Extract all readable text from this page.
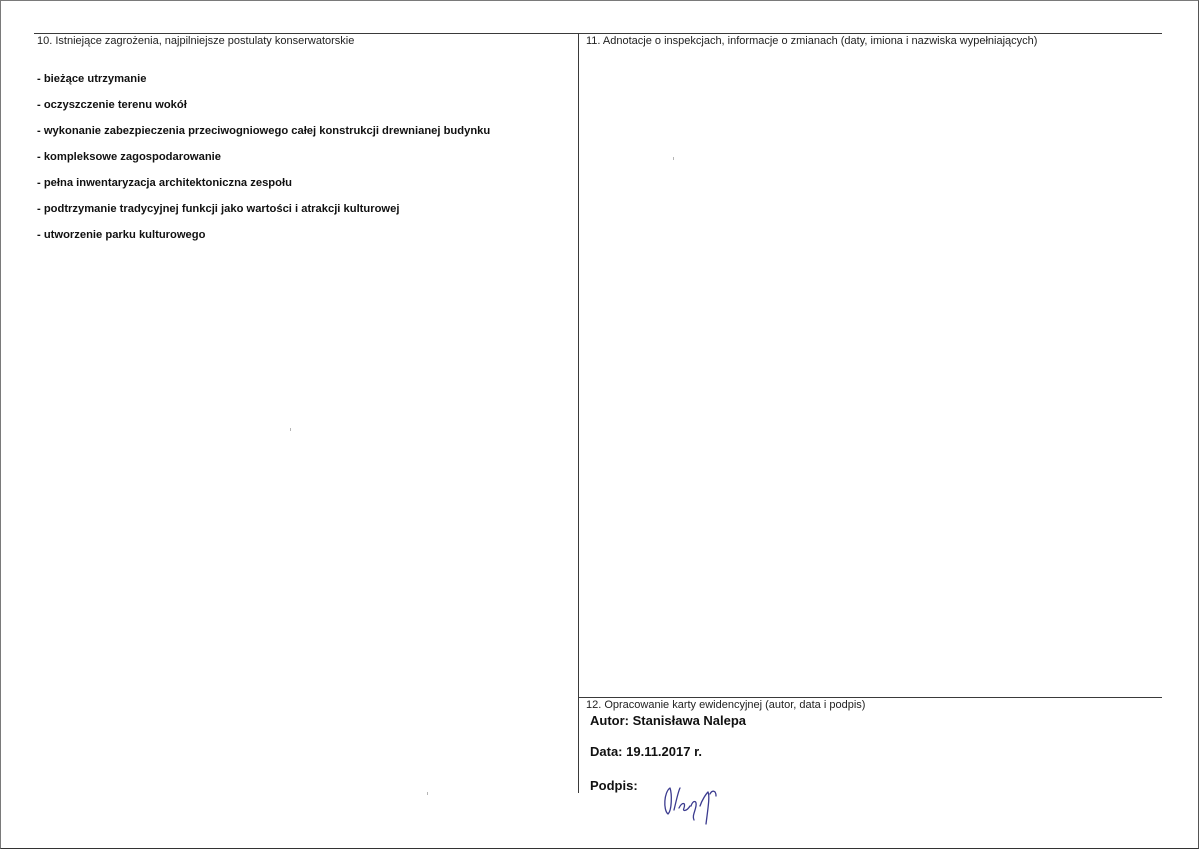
10. Istniejące zagrożenia, najpilniejsze postulaty konserwatorskie
- bieżące utrzymanie
- oczyszczenie terenu wokół
- wykonanie zabezpieczenia przeciwogniowego całej konstrukcji drewnianej budynku
- kompleksowe zagospodarowanie
- pełna inwentaryzacja architektoniczna zespołu
- podtrzymanie tradycyjnej funkcji jako wartości i atrakcji kulturowej
- utworzenie parku kulturowego
11. Adnotacje o inspekcjach, informacje o zmianach (daty, imiona i nazwiska wypełniających)
12. Opracowanie karty ewidencyjnej (autor, data i podpis)
Autor: Stanisława Nalepa
Data: 19.11.2017 r.
Podpis:
